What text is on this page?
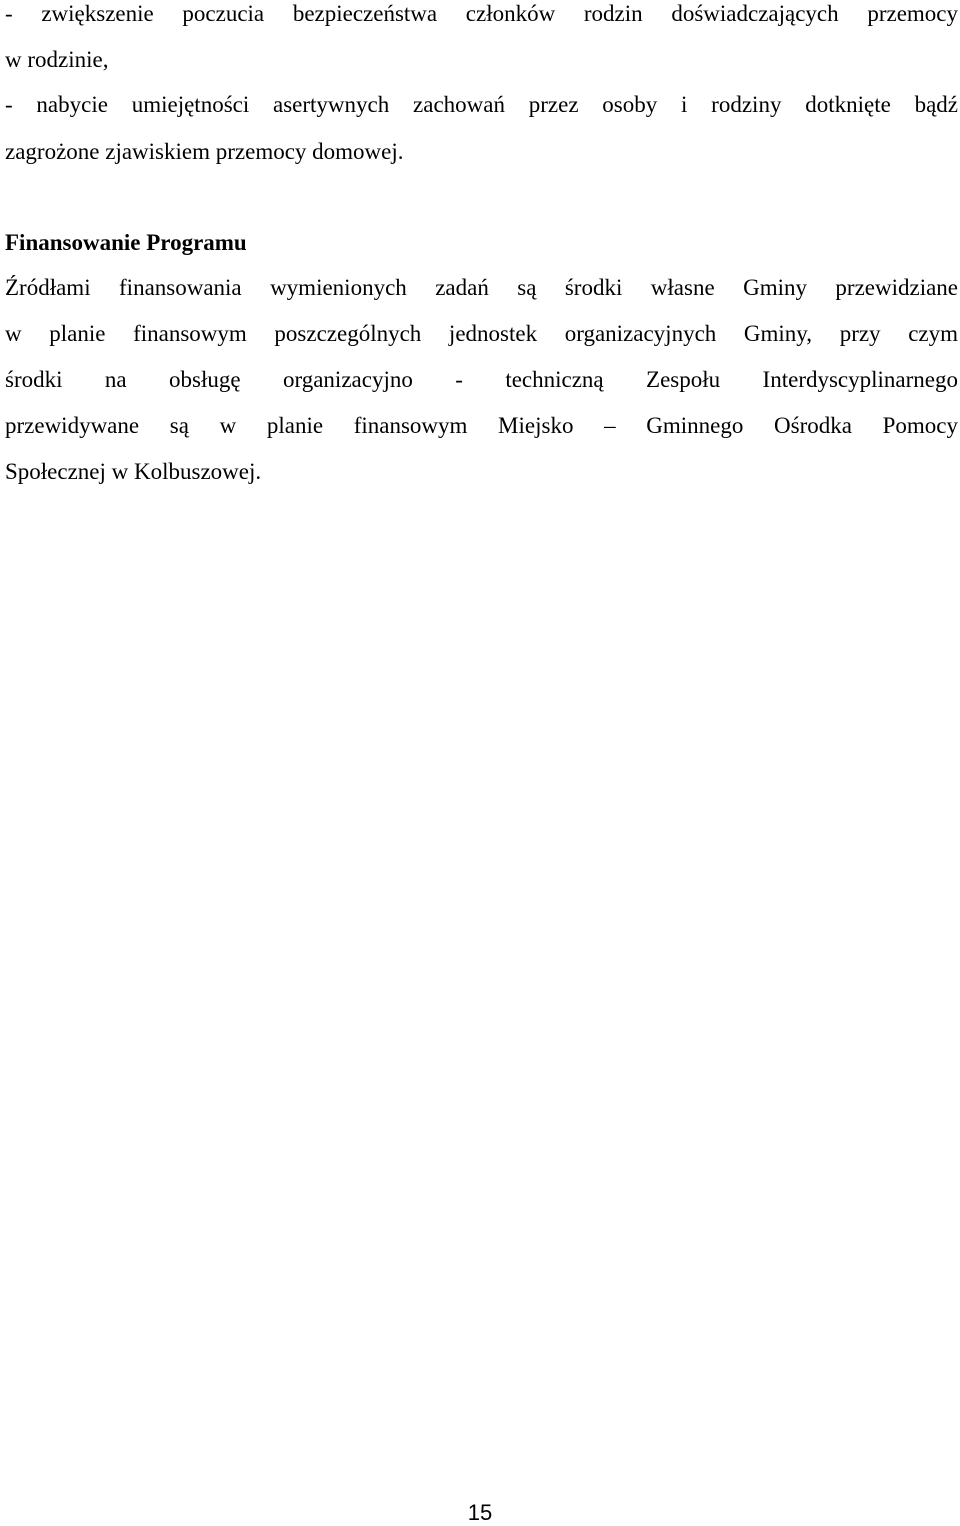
- zwiększenie poczucia bezpieczeństwa członków rodzin doświadczających przemocy
w rodzinie,
- nabycie umiejętności asertywnych zachowań przez osoby i rodziny dotknięte bądź
zagrożone zjawiskiem przemocy domowej.
Finansowanie Programu
Źródłami finansowania wymienionych zadań są środki własne Gminy przewidziane
w planie finansowym poszczególnych jednostek organizacyjnych Gminy, przy czym
środki na obsługę organizacyjno - techniczną Zespołu Interdyscyplinarnego
przewidywane są w planie finansowym Miejsko – Gminnego Ośrodka Pomocy
Społecznej w Kolbuszowej.
15
